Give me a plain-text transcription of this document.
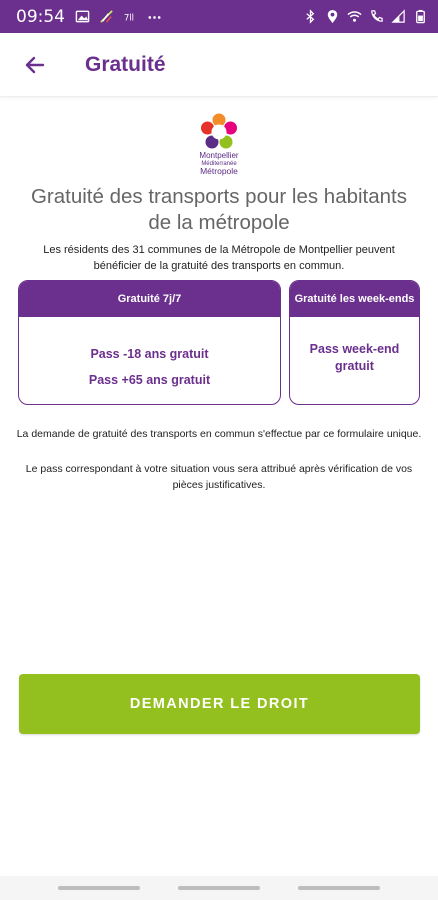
09:54	7ll
Gratuité
Montpellier
Méditerranée
Métropole
Gratuité des transports pour les habitants de la métropole
Les résidents des 31 communes de la Métropole de Montpellier peuvent bénéficier de la gratuité des transports en commun.
Gratuité 7j/7
Pass -18 ans gratuit
Pass +65 ans gratuit
Gratuité les week-ends
Pass week-end gratuit
La demande de gratuité des transports en commun s'effectue par ce formulaire unique.
Le pass correspondant à votre situation vous sera attribué après vérification de vos pièces justificatives.
DEMANDER LE DROIT
